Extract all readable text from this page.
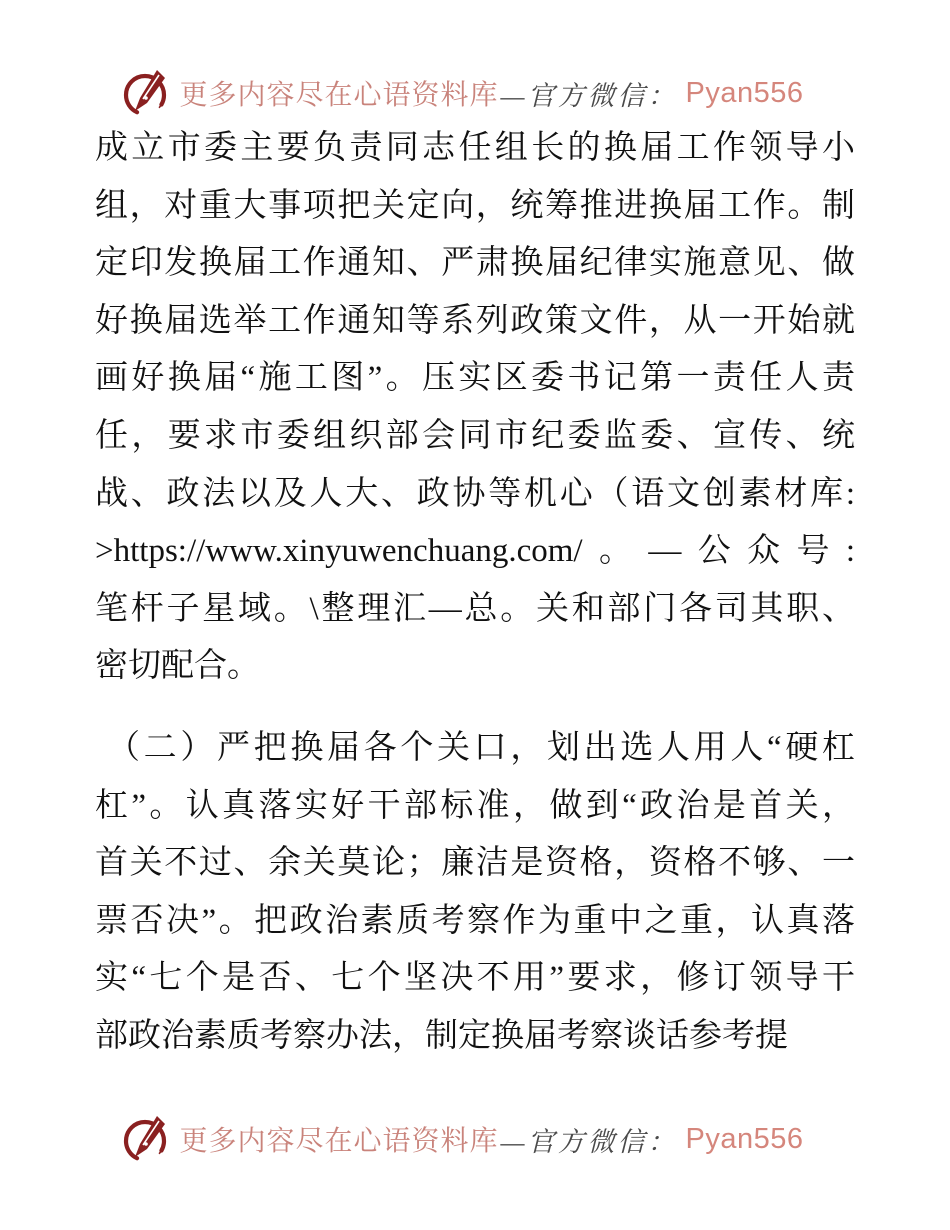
更多内容尽在心语资料库 —官方微信： Pyan556
成立市委主要负责同志任组长的换届工作领导小
组，对重大事项把关定向，统筹推进换届工作。制
定印发换届工作通知、严肃换届纪律实施意见、做
好换届选举工作通知等系列政策文件，从一开始就
画好换届“施工图”。压实区委书记第一责任人责
任，要求市委组织部会同市纪委监委、宣传、统
战、政法以及人大、政协等机心（语文创素材库:
>https://www.xinyuwenchuang.com/。—公众号:
笔杆子星域。\整理汇—总。关和部门各司其职、
密切配合。
（二）严把换届各个关口，划出选人用人“硬杠
杠”。认真落实好干部标准，做到“政治是首关，
首关不过、余关莫论；廉洁是资格，资格不够、一
票否决”。把政治素质考察作为重中之重，认真落
实“七个是否、七个坚决不用”要求，修订领导干
部政治素质考察办法，制定换届考察谈话参考提
更多内容尽在心语资料库 —官方微信： Pyan556
